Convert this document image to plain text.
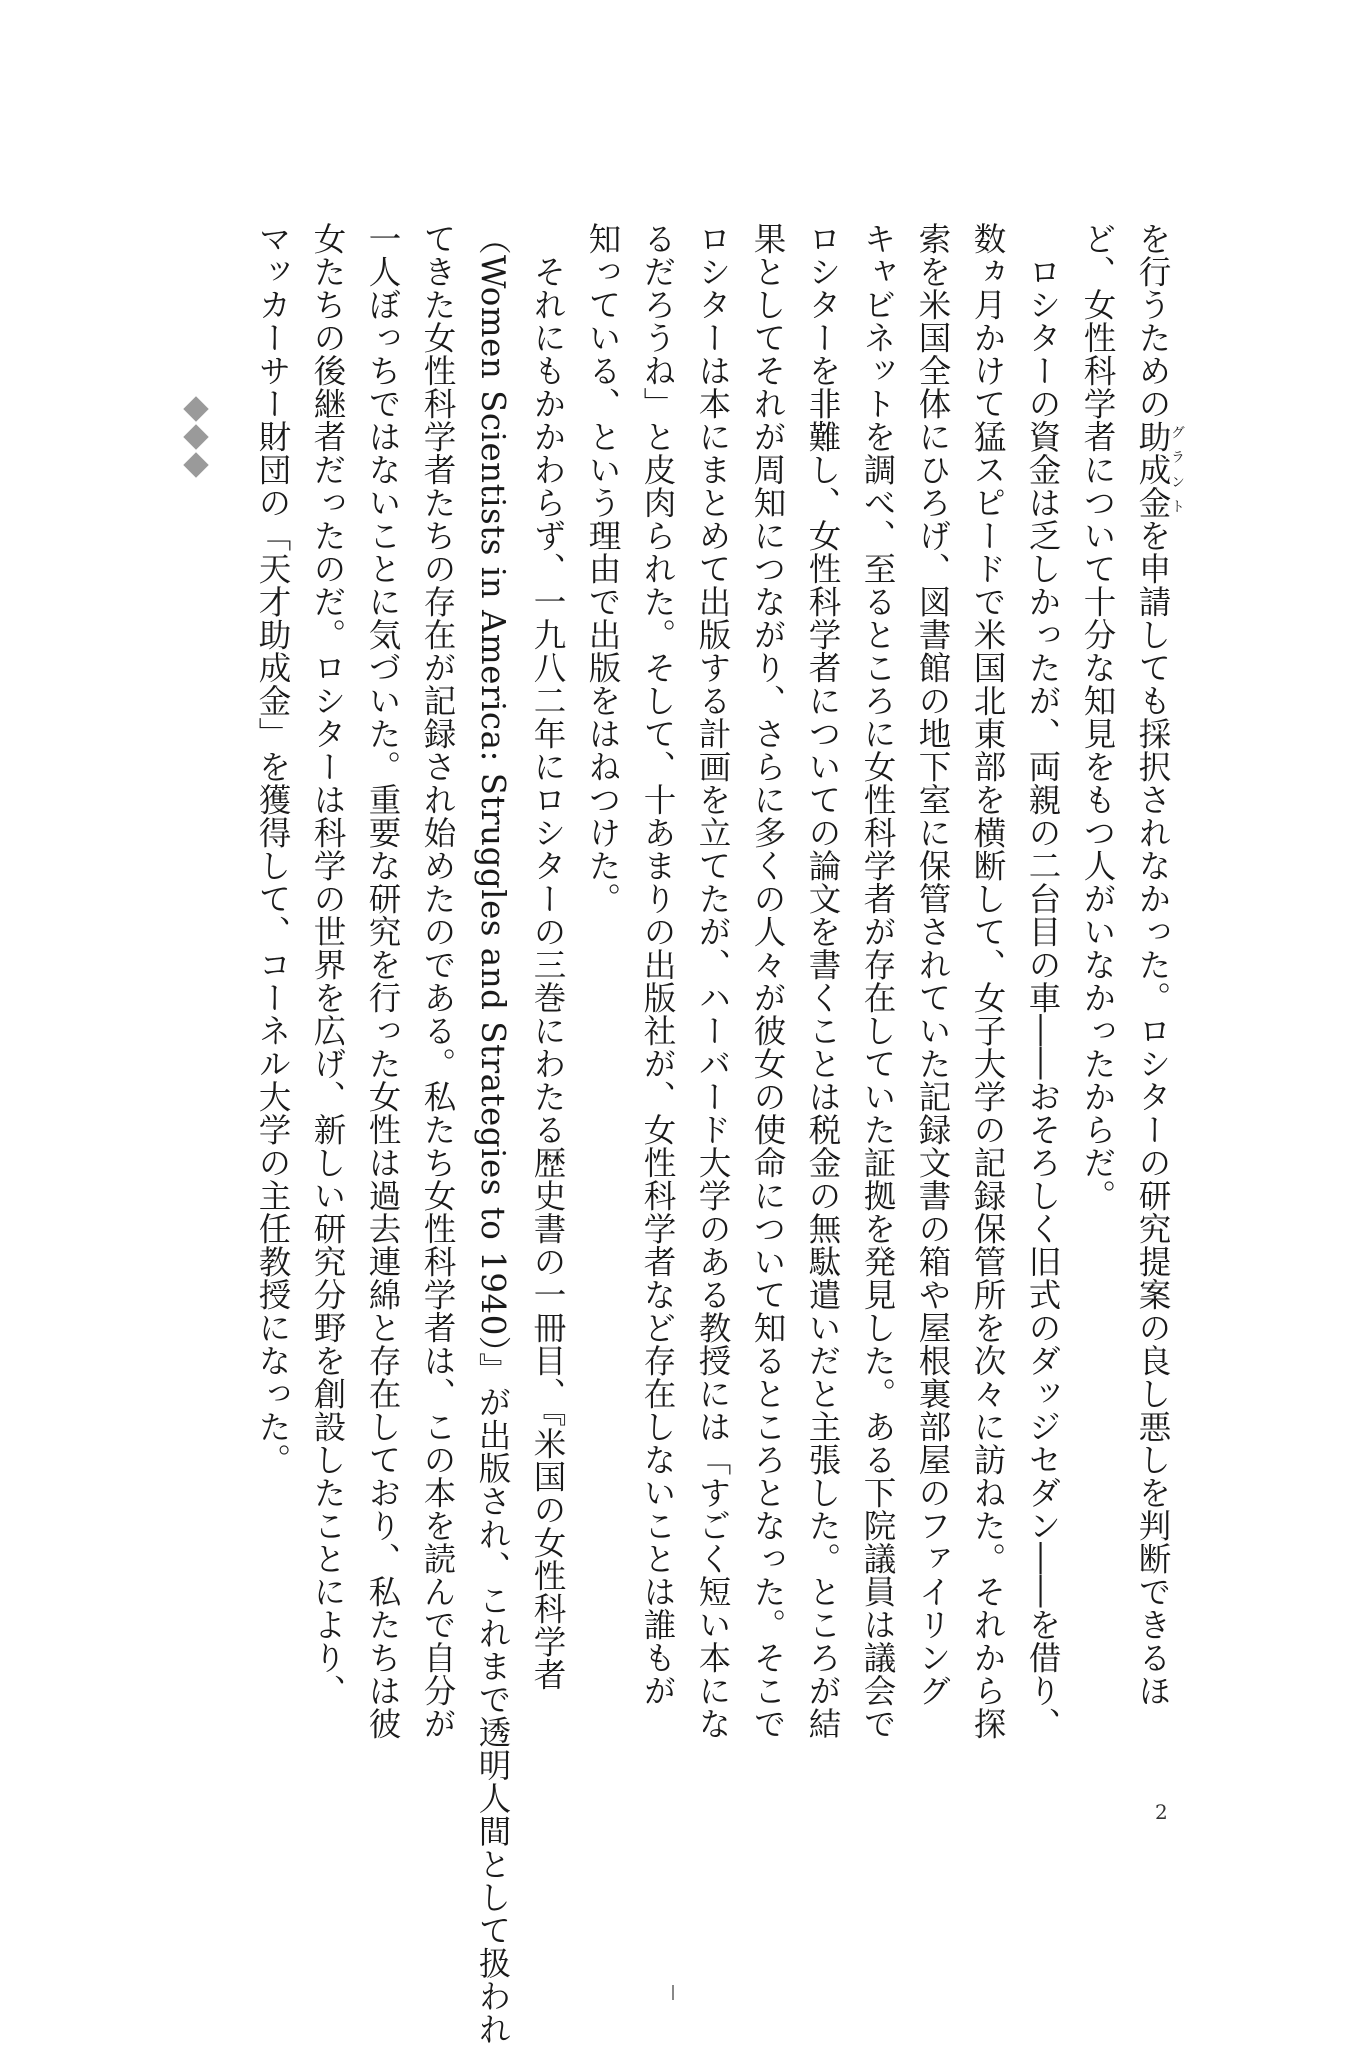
を行うための助成金グラントを申請しても採択されなかった。ロシターの研究提案の良し悪しを判断できるほ

ど、女性科学者について十分な知見をもつ人がいなかったからだ。

　ロシターの資金は乏しかったが、両親の二台目の車――おそろしく旧式のダッジセダン――を借り、

数ヵ月かけて猛スピードで米国北東部を横断して、女子大学の記録保管所を次々に訪ねた。それから探

索を米国全体にひろげ、図書館の地下室に保管されていた記録文書の箱や屋根裏部屋のファイリング

キャビネットを調べ、至るところに女性科学者が存在していた証拠を発見した。ある下院議員は議会で

ロシターを非難し、女性科学者についての論文を書くことは税金の無駄遣いだと主張した。ところが結

果としてそれが周知につながり、さらに多くの人々が彼女の使命について知るところとなった。そこで

ロシターは本にまとめて出版する計画を立てたが、ハーバード大学のある教授には「すごく短い本にな

るだろうね」と皮肉られた。そして、十あまりの出版社が、女性科学者など存在しないことは誰もが

知っている、という理由で出版をはねつけた。

　それにもかかわらず、一九八二年にロシターの三巻にわたる歴史書の一冊目、『米国の女性科学者

（Women Scientists in America: Struggles and Strategies to 1940）』が出版され、これまで透明人間として扱われ

てきた女性科学者たちの存在が記録され始めたのである。私たち女性科学者は、この本を読んで自分が

一人ぼっちではないことに気づいた。重要な研究を行った女性は過去連綿と存在しており、私たちは彼

女たちの後継者だったのだ。ロシターは科学の世界を広げ、新しい研究分野を創設したことにより、

マッカーサー財団の「天才助成金」を獲得して、コーネル大学の主任教授になった。

2
